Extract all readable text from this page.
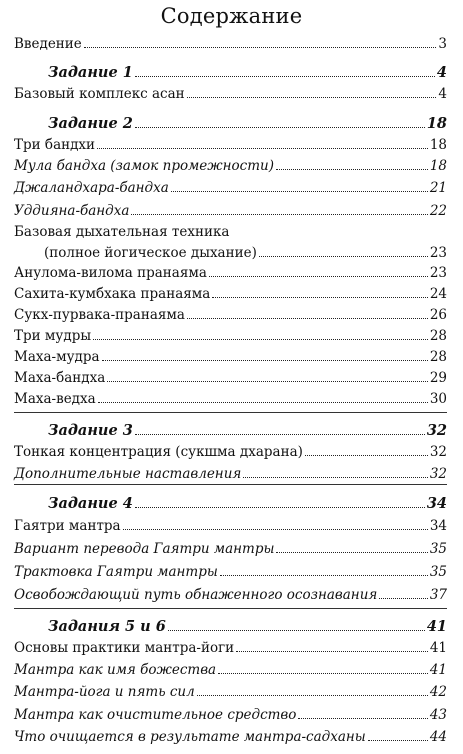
Содержание
Введение	3
Задание 1	4
Базовый комплекс асан	4
Задание 2	18
Три бандхи	18
Мула бандха (замок промежности)	18
Джаландхара-бандха	21
Уддияна-бандха	22
Базовая дыхательная техника
(полное йогическое дыхание)	23
Анулома-вилома пранаяма	23
Сахита-кумбхака пранаяма	24
Сукх-пурвака-пранаяма	26
Три мудры	28
Маха-мудра	28
Маха-бандха	29
Маха-ведха	30
Задание 3	32
Тонкая концентрация (сукшма дхарана)	32
Дополнительные наставления	32
Задание 4	34
Гаятри мантра	34
Вариант перевода Гаятри мантры	35
Трактовка Гаятри мантры	35
Освобождающий путь обнаженного осознавания	37
Задания 5 и 6	41
Основы практики мантра-йоги	41
Мантра как имя божества	41
Мантра-йога и пять сил	42
Мантра как очистительное средство	43
Что очищается в результате мантра-садханы	44
